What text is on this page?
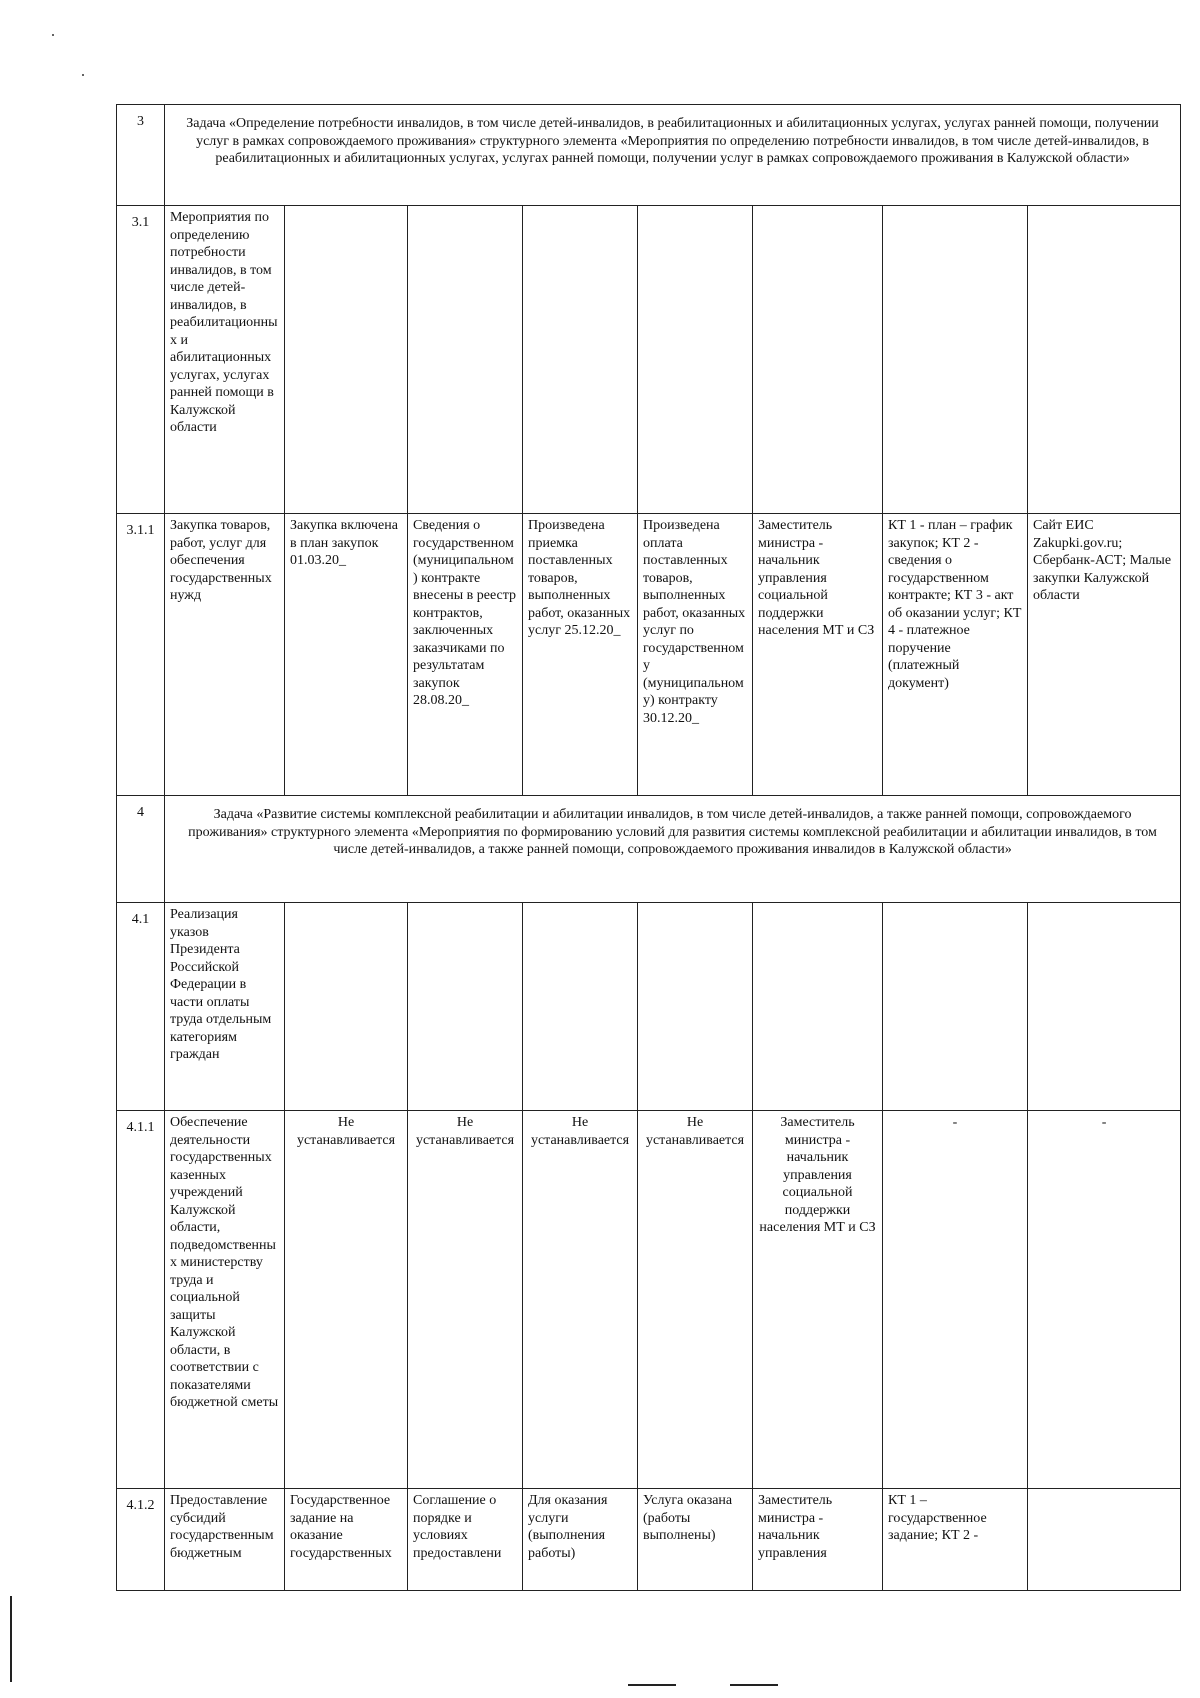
3	Задача «Определение потребности инвалидов, в том числе детей-инвалидов, в реабилитационных и абилитационных услугах, услугах ранней помощи, получении услуг в рамках сопровождаемого проживания» структурного элемента «Мероприятия по определению потребности инвалидов, в том числе детей-инвалидов, в реабилитационных и абилитационных услугах, услугах ранней помощи, получении услуг в рамках сопровождаемого проживания в Калужской области»							
3.1	Мероприятия по определению потребности инвалидов, в том числе детей-инвалидов, в реабилитационных и абилитационных услугах, услугах ранней помощи в Калужской области							
3.1.1	Закупка товаров, работ, услуг для обеспечения государственных нужд	Закупка включена в план закупок 01.03.20_	Сведения о государственном (муниципальном) контракте внесены в реестр контрактов, заключенных заказчиками по результатам закупок 28.08.20_	Произведена приемка поставленных товаров, выполненных работ, оказанных услуг 25.12.20_	Произведена оплата поставленных товаров, выполненных работ, оказанных услуг по государственному (муниципальному) контракту 30.12.20_	Заместитель министра - начальник управления социальной поддержки населения МТ и СЗ	КТ 1 - план – график закупок; КТ 2 - сведения о государственном контракте; КТ 3 - акт об оказании услуг; КТ 4 - платежное поручение (платежный документ)	Сайт ЕИС Zakupki.gov.ru; Сбербанк-АСТ; Малые закупки Калужской области
4	Задача «Развитие системы комплексной реабилитации и абилитации инвалидов, в том числе детей-инвалидов, а также ранней помощи, сопровождаемого проживания» структурного элемента «Мероприятия по формированию условий для развития системы комплексной реабилитации и абилитации инвалидов, в том числе детей-инвалидов, а также ранней помощи, сопровождаемого проживания инвалидов в Калужской области»							
4.1	Реализация указов Президента Российской Федерации в части оплаты труда отдельным категориям граждан							
4.1.1	Обеспечение деятельности государственных казенных учреждений Калужской области, подведомственных министерству труда и социальной защиты Калужской области, в соответствии с показателями бюджетной сметы	Не устанавливается	Не устанавливается	Не устанавливается	Не устанавливается	Заместитель министра - начальник управления социальной поддержки населения МТ и СЗ	-	-
4.1.2	Предоставление субсидий государственным бюджетным	Государственное задание на оказание государственных	Соглашение о порядке и условиях предоставлени	Для оказания услуги (выполнения работы)	Услуга оказана (работы выполнены)	Заместитель министра - начальник управления	КТ 1 – государственное задание; КТ 2 -	
